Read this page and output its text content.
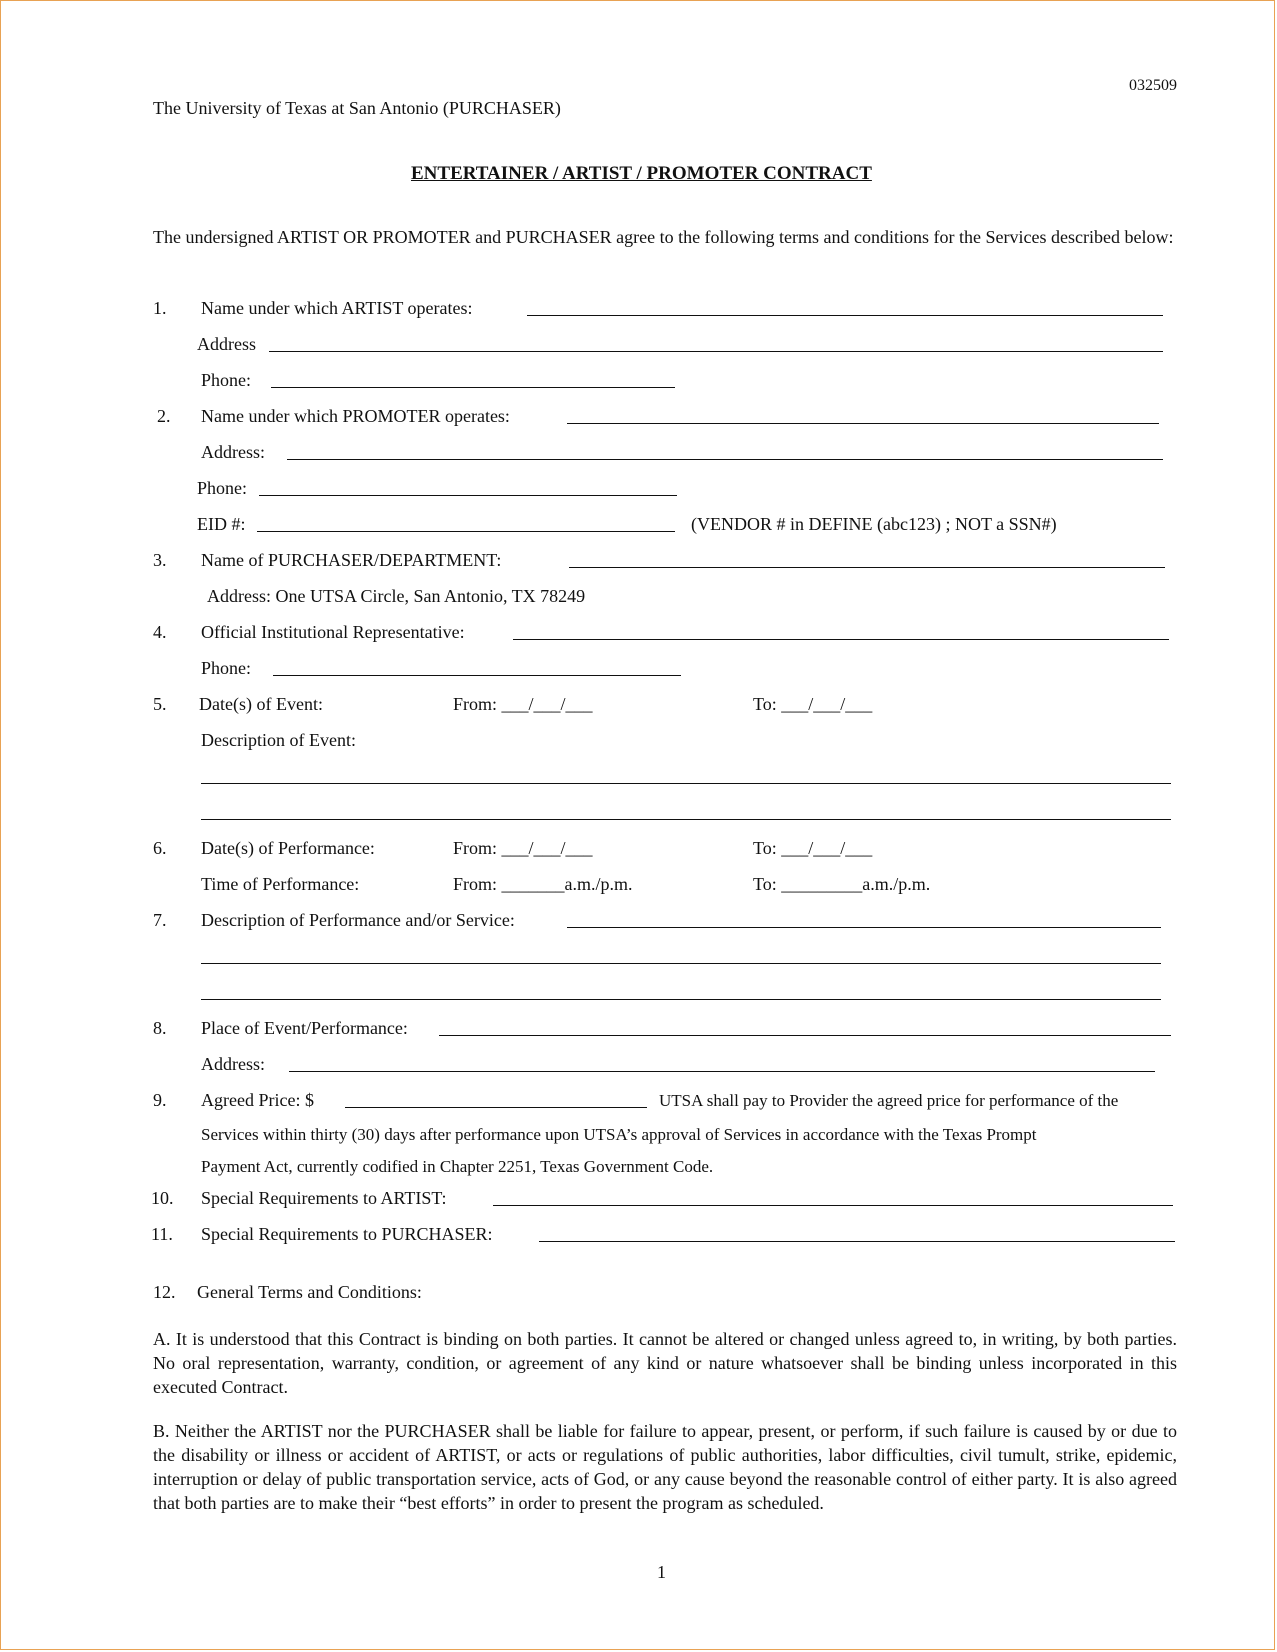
032509
The University of Texas at San Antonio (PURCHASER)
ENTERTAINER / ARTIST / PROMOTER CONTRACT
The undersigned ARTIST OR PROMOTER and PURCHASER agree to the following terms and conditions for the Services described below:
1. Name under which ARTIST operates:
Address
Phone:
2. Name under which PROMOTER operates:
Address:
Phone:
EID #:	(VENDOR # in DEFINE (abc123) ; NOT a SSN#)
3. Name of PURCHASER/DEPARTMENT:
Address: One UTSA Circle, San Antonio, TX 78249
4. Official Institutional Representative:
Phone:
5. Date(s) of Event:	From: ___/___/___	To: ___/___/___
Description of Event:
6. Date(s) of Performance:	From: ___/___/___	To: ___/___/___
Time of Performance:	From: _______a.m./p.m.	To: _________a.m./p.m.
7. Description of Performance and/or Service:
8. Place of Event/Performance:
Address:
9. Agreed Price: $	UTSA shall pay to Provider the agreed price for performance of the
Services within thirty (30) days after performance upon UTSA’s approval of Services in accordance with the Texas Prompt
Payment Act, currently codified in Chapter 2251, Texas Government Code.
10. Special Requirements to ARTIST:
11. Special Requirements to PURCHASER:
12. General Terms and Conditions:
A. It is understood that this Contract is binding on both parties. It cannot be altered or changed unless agreed to, in writing, by both parties. No oral representation, warranty, condition, or agreement of any kind or nature whatsoever shall be binding unless incorporated in this executed Contract.
B. Neither the ARTIST nor the PURCHASER shall be liable for failure to appear, present, or perform, if such failure is caused by or due to the disability or illness or accident of ARTIST, or acts or regulations of public authorities, labor difficulties, civil tumult, strike, epidemic, interruption or delay of public transportation service, acts of God, or any cause beyond the reasonable control of either party. It is also agreed that both parties are to make their “best efforts” in order to present the program as scheduled.
1
